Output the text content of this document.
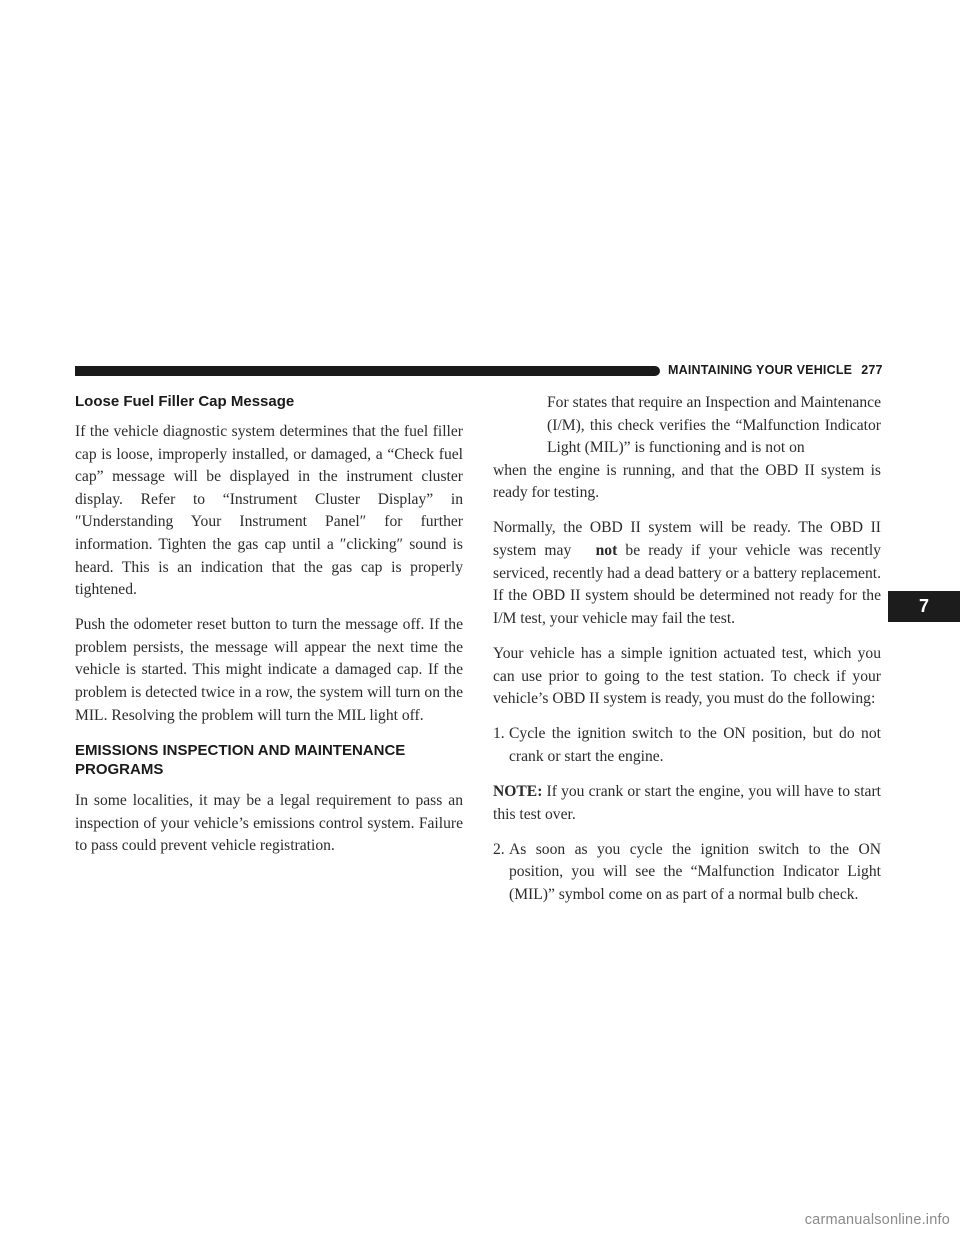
MAINTAINING YOUR VEHICLE 277
Loose Fuel Filler Cap Message

If the vehicle diagnostic system determines that the fuel filler cap is loose, improperly installed, or damaged, a “Check fuel cap” message will be displayed in the instrument cluster display. Refer to “Instrument Cluster Display” in ″Understanding Your Instrument Panel″ for further information. Tighten the gas cap until a ″clicking″ sound is heard. This is an indication that the gas cap is properly tightened.

Push the odometer reset button to turn the message off. If the problem persists, the message will appear the next time the vehicle is started. This might indicate a damaged cap. If the problem is detected twice in a row, the system will turn on the MIL. Resolving the problem will turn the MIL light off.

EMISSIONS INSPECTION AND MAINTENANCE
PROGRAMS

In some localities, it may be a legal requirement to pass an inspection of your vehicle’s emissions control system. Failure to pass could prevent vehicle registration.

For states that require an Inspection and Maintenance (I/M), this check verifies the “Malfunction Indicator Light (MIL)” is functioning and is not on

when the engine is running, and that the OBD II system is ready for testing.

Normally, the OBD II system will be ready. The OBD II system may not be ready if your vehicle was recently serviced, recently had a dead battery or a battery replacement. If the OBD II system should be determined not ready for the I/M test, your vehicle may fail the test.

Your vehicle has a simple ignition actuated test, which you can use prior to going to the test station. To check if your vehicle’s OBD II system is ready, you must do the following:

1. Cycle the ignition switch to the ON position, but do not crank or start the engine.

NOTE: If you crank or start the engine, you will have to start this test over.

2. As soon as you cycle the ignition switch to the ON position, you will see the “Malfunction Indicator Light (MIL)” symbol come on as part of a normal bulb check.
7
carmanualsonline.info
